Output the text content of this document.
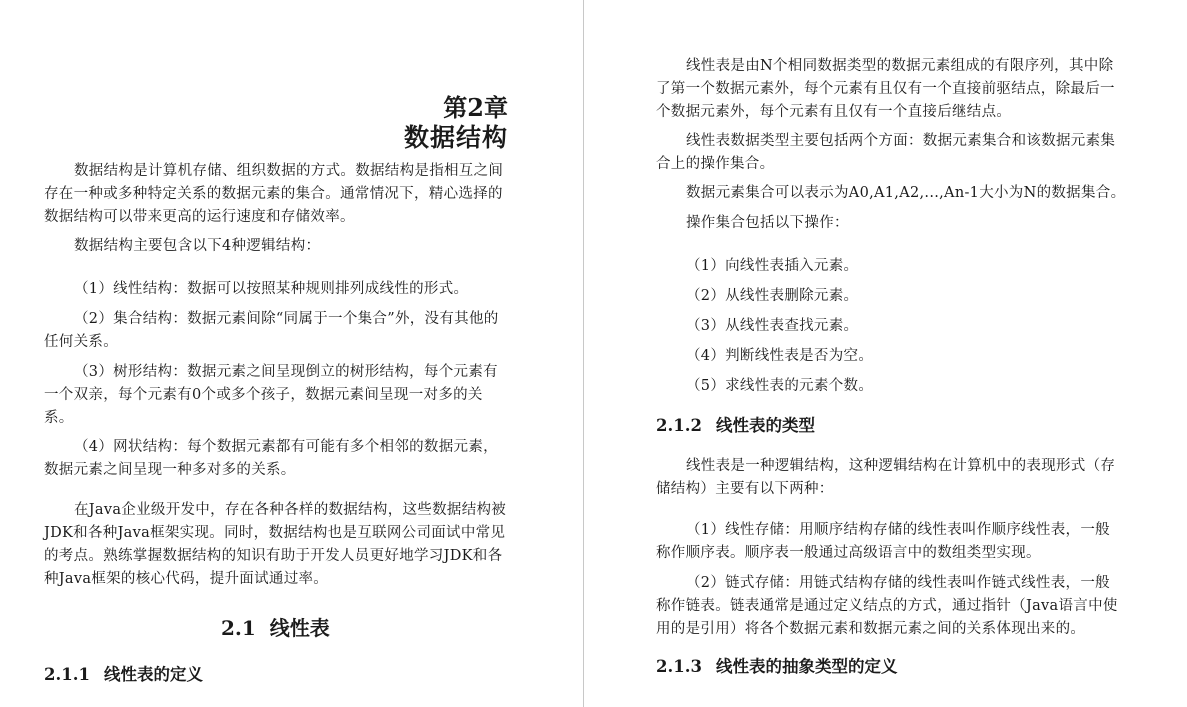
第2章
数据结构

数据结构是计算机存储、组织数据的方式。数据结构是指相互之间
存在一种或多种特定关系的数据元素的集合。通常情况下，精心选择的
数据结构可以带来更高的运行速度和存储效率。

数据结构主要包含以下4种逻辑结构：

（1）线性结构：数据可以按照某种规则排列成线性的形式。

（2）集合结构：数据元素间除“同属于一个集合”外，没有其他的
任何关系。

（3）树形结构：数据元素之间呈现倒立的树形结构，每个元素有
一个双亲，每个元素有0个或多个孩子，数据元素间呈现一对多的关
系。

（4）网状结构：每个数据元素都有可能有多个相邻的数据元素，
数据元素之间呈现一种多对多的关系。

在Java企业级开发中，存在各种各样的数据结构，这些数据结构被
JDK和各种Java框架实现。同时，数据结构也是互联网公司面试中常见
的考点。熟练掌握数据结构的知识有助于开发人员更好地学习JDK和各
种Java框架的核心代码，提升面试通过率。

2.1 线性表
2.1.1 线性表的定义

线性表是由N个相同数据类型的数据元素组成的有限序列，其中除
了第一个数据元素外，每个元素有且仅有一个直接前驱结点，除最后一
个数据元素外，每个元素有且仅有一个直接后继结点。

线性表数据类型主要包括两个方面：数据元素集合和该数据元素集
合上的操作集合。

数据元素集合可以表示为A0,A1,A2,...,An-1大小为N的数据集合。

操作集合包括以下操作：

（1）向线性表插入元素。

（2）从线性表删除元素。

（3）从线性表查找元素。

（4）判断线性表是否为空。

（5）求线性表的元素个数。

2.1.2 线性表的类型

线性表是一种逻辑结构，这种逻辑结构在计算机中的表现形式（存
储结构）主要有以下两种：

（1）线性存储：用顺序结构存储的线性表叫作顺序线性表，一般
称作顺序表。顺序表一般通过高级语言中的数组类型实现。

（2）链式存储：用链式结构存储的线性表叫作链式线性表，一般
称作链表。链表通常是通过定义结点的方式，通过指针（Java语言中使
用的是引用）将各个数据元素和数据元素之间的关系体现出来的。

2.1.3 线性表的抽象类型的定义
